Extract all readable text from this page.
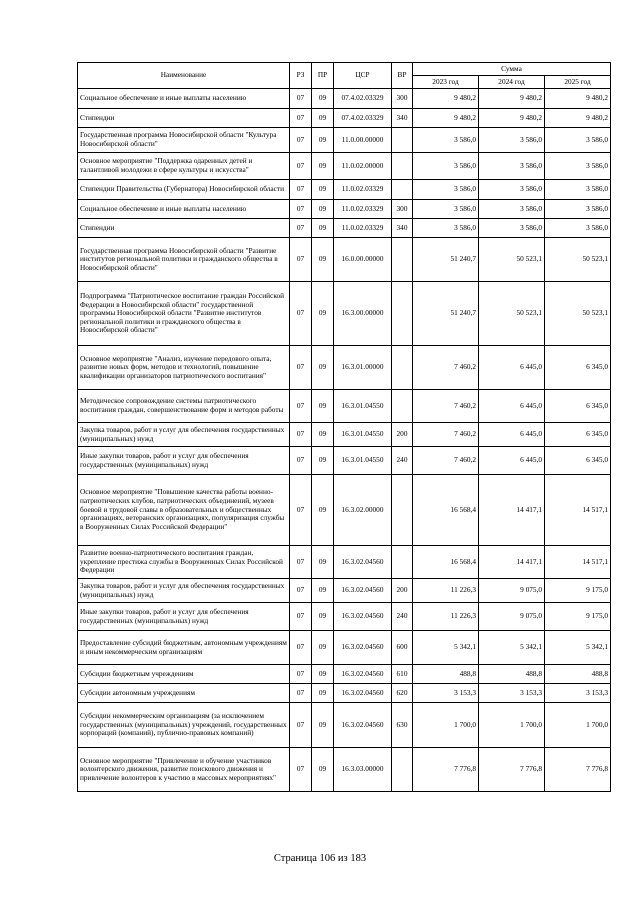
Наименование	РЗ	ПР	ЦСР	ВР	Сумма		
					2023 год	2024 год	2025 год
Социальное обеспечение и иные выплаты населению	07	09	07.4.02.03329	300	9 480,2	9 480,2	9 480,2
Стипендии	07	09	07.4.02.03329	340	9 480,2	9 480,2	9 480,2
Государственная программа Новосибирской области "Культура Новосибирской области"	07	09	11.0.00.00000		3 586,0	3 586,0	3 586,0
Основное мероприятие "Поддержка одаренных детей и талантливой молодежи в сфере культуры и искусства"	07	09	11.0.02.00000		3 586,0	3 586,0	3 586,0
Стипендии Правительства (Губернатора) Новосибирской области	07	09	11.0.02.03329		3 586,0	3 586,0	3 586,0
Социальное обеспечение и иные выплаты населению	07	09	11.0.02.03329	300	3 586,0	3 586,0	3 586,0
Стипендии	07	09	11.0.02.03329	340	3 586,0	3 586,0	3 586,0
Государственная программа Новосибирской области "Развитие институтов региональной политики и гражданского общества в Новосибирской области"	07	09	16.0.00.00000		51 240,7	50 523,1	50 523,1
Подпрограмма "Патриотическое воспитание граждан Российской Федерации в Новосибирской области" государственной программы Новосибирской области "Развитие институтов региональной политики и гражданского общества в Новосибирской области"	07	09	16.3.00.00000		51 240,7	50 523,1	50 523,1
Основное мероприятие "Анализ, изучение передового опыта, развитие новых форм, методов и технологий, повышение квалификации организаторов патриотического воспитания"	07	09	16.3.01.00000		7 460,2	6 445,0	6 345,0
Методическое сопровождение системы патриотического воспитания граждан, совершенствование форм и методов работы	07	09	16.3.01.04550		7 460,2	6 445,0	6 345,0
Закупка товаров, работ и услуг для обеспечения государственных (муниципальных) нужд	07	09	16.3.01.04550	200	7 460,2	6 445,0	6 345,0
Иные закупки товаров, работ и услуг для обеспечения государственных (муниципальных) нужд	07	09	16.3.01.04550	240	7 460,2	6 445,0	6 345,0
Основное мероприятие "Повышение качества работы военно-патриотических клубов, патриотических объединений, музеев боевой и трудовой славы в образовательных и общественных организациях, ветеранских организациях, популяризация службы в Вооруженных Силах Российской Федерации"	07	09	16.3.02.00000		16 568,4	14 417,1	14 517,1
Развитие военно-патриотического воспитания граждан, укрепление престижа службы в Вооруженных Силах Российской Федерации	07	09	16.3.02.04560		16 568,4	14 417,1	14 517,1
Закупка товаров, работ и услуг для обеспечения государственных (муниципальных) нужд	07	09	16.3.02.04560	200	11 226,3	9 075,0	9 175,0
Иные закупки товаров, работ и услуг для обеспечения государственных (муниципальных) нужд	07	09	16.3.02.04560	240	11 226,3	9 075,0	9 175,0
Предоставление субсидий бюджетным, автономным учреждениям и иным некоммерческим организациям	07	09	16.3.02.04560	600	5 342,1	5 342,1	5 342,1
Субсидии бюджетным учреждениям	07	09	16.3.02.04560	610	488,8	488,8	488,8
Субсидии автономным учреждениям	07	09	16.3.02.04560	620	3 153,3	3 153,3	3 153,3
Субсидии некоммерческим организациям (за исключением государственных (муниципальных) учреждений, государственных корпораций (компаний), публично-правовых компаний)	07	09	16.3.02.04560	630	1 700,0	1 700,0	1 700,0
Основное мероприятие "Привлечение и обучение участников волонтерского движения, развитие поискового движения и привлечение волонтеров к участию в массовых мероприятиях"	07	09	16.3.03.00000		7 776,8	7 776,8	7 776,8
Страница 106 из 183
